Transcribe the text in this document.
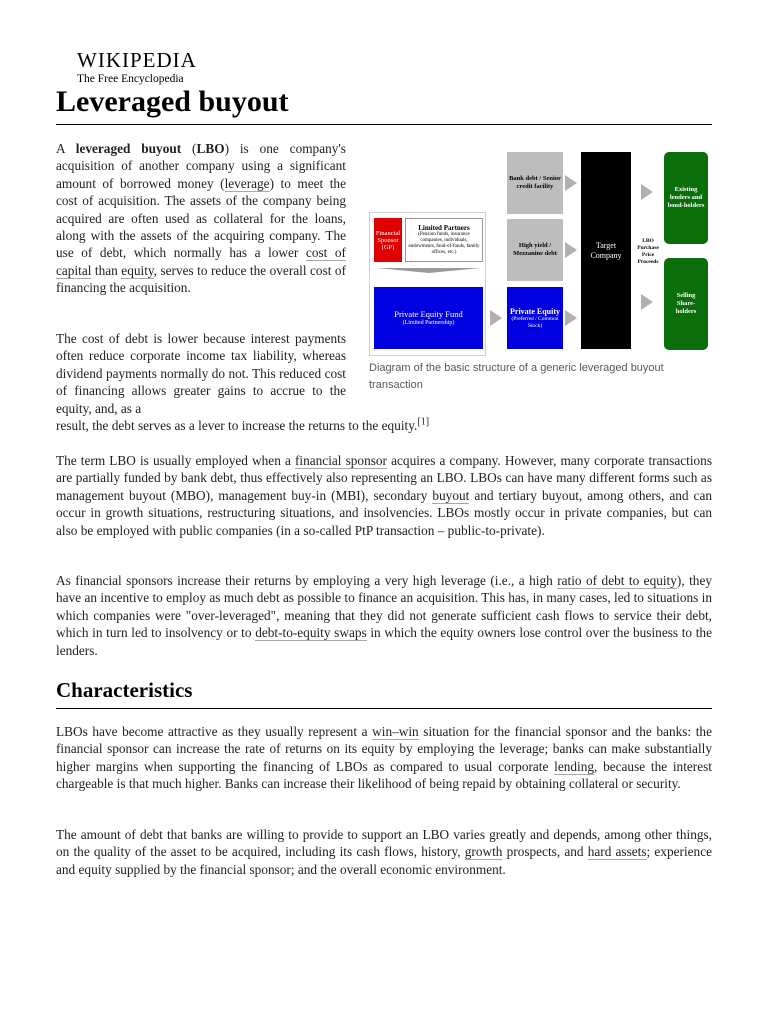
WIKIPEDIA
The Free Encyclopedia
Leveraged buyout

A leveraged buyout (LBO) is one company's acquisition of another company using a significant amount of borrowed money (leverage) to meet the cost of acquisition. The assets of the company being acquired are often used as collateral for the loans, along with the assets of the acquiring company. The use of debt, which normally has a lower cost of capital than equity, serves to reduce the overall cost of financing the acquisition.

The cost of debt is lower because interest payments often reduce corporate income tax liability, whereas dividend payments normally do not. This reduced cost of financing allows greater gains to accrue to the equity, and, as a

result, the debt serves as a lever to increase the returns to the equity.[1]

Financial Sponsor (GP)
Limited Partners
(Pension funds, insurance companies, individuals, endowments, fund-of-funds, family offices, etc.)
Private Equity Fund
(Limited Partnership)
Bank debt / Senior credit facility
High yield / Mezzanine debt
Private Equity
(Preferred / Common Stock)
Target Company
LBO Purchase Price Proceeds
Existing lenders and bond-holders
Selling Share-holders
Diagram of the basic structure of a generic leveraged buyout transaction

The term LBO is usually employed when a financial sponsor acquires a company. However, many corporate transactions are partially funded by bank debt, thus effectively also representing an LBO. LBOs can have many different forms such as management buyout (MBO), management buy-in (MBI), secondary buyout and tertiary buyout, among others, and can occur in growth situations, restructuring situations, and insolvencies. LBOs mostly occur in private companies, but can also be employed with public companies (in a so-called PtP transaction – public-to-private).

As financial sponsors increase their returns by employing a very high leverage (i.e., a high ratio of debt to equity), they have an incentive to employ as much debt as possible to finance an acquisition. This has, in many cases, led to situations in which companies were "over-leveraged", meaning that they did not generate sufficient cash flows to service their debt, which in turn led to insolvency or to debt-to-equity swaps in which the equity owners lose control over the business to the lenders.

Characteristics

LBOs have become attractive as they usually represent a win–win situation for the financial sponsor and the banks: the financial sponsor can increase the rate of returns on its equity by employing the leverage; banks can make substantially higher margins when supporting the financing of LBOs as compared to usual corporate lending, because the interest chargeable is that much higher. Banks can increase their likelihood of being repaid by obtaining collateral or security.

The amount of debt that banks are willing to provide to support an LBO varies greatly and depends, among other things, on the quality of the asset to be acquired, including its cash flows, history, growth prospects, and hard assets; experience and equity supplied by the financial sponsor; and the overall economic environment.
